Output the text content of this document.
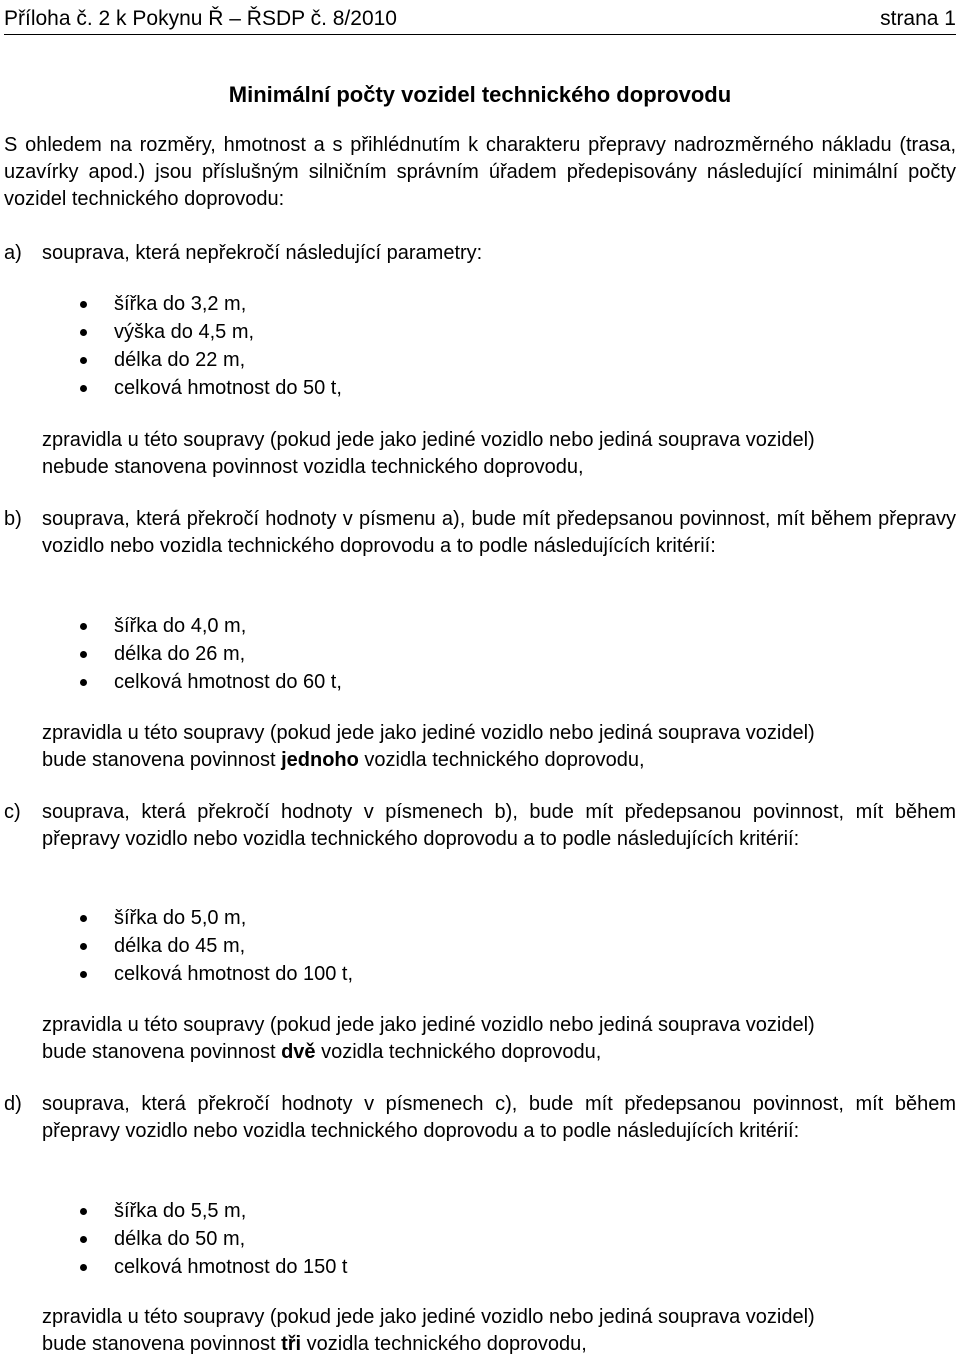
Příloha č. 2 k Pokynu Ř – ŘSDP č. 8/2010	strana 1
Minimální počty vozidel technického doprovodu
S ohledem na rozměry, hmotnost a s přihlédnutím k charakteru přepravy nadrozměrného nákladu (trasa, uzavírky apod.) jsou příslušným silničním správním úřadem předepisovány následující minimální počty vozidel technického doprovodu:
a) souprava, která nepřekročí následující parametry:
šířka do 3,2 m,
výška do 4,5 m,
délka do 22 m,
celková hmotnost do 50 t,
zpravidla u této soupravy (pokud jede jako jediné vozidlo nebo jediná souprava vozidel)
nebude stanovena povinnost vozidla technického doprovodu,
b) souprava, která překročí hodnoty v písmenu a), bude mít předepsanou povinnost, mít během přepravy vozidlo nebo vozidla technického doprovodu a to podle následujících kritérií:
šířka do 4,0 m,
délka do 26 m,
celková hmotnost do 60 t,
zpravidla u této soupravy (pokud jede jako jediné vozidlo nebo jediná souprava vozidel)
bude stanovena povinnost jednoho vozidla technického doprovodu,
c) souprava, která překročí hodnoty v písmenech b), bude mít předepsanou povinnost, mít během přepravy vozidlo nebo vozidla technického doprovodu a to podle následujících kritérií:
šířka do 5,0 m,
délka do 45 m,
celková hmotnost do 100 t,
zpravidla u této soupravy (pokud jede jako jediné vozidlo nebo jediná souprava vozidel)
bude stanovena povinnost dvě vozidla technického doprovodu,
d) souprava, která překročí hodnoty v písmenech c), bude mít předepsanou povinnost, mít během přepravy vozidlo nebo vozidla technického doprovodu a to podle následujících kritérií:
šířka do 5,5 m,
délka do 50 m,
celková hmotnost do 150 t
zpravidla u této soupravy (pokud jede jako jediné vozidlo nebo jediná souprava vozidel)
bude stanovena povinnost tři vozidla technického doprovodu,
